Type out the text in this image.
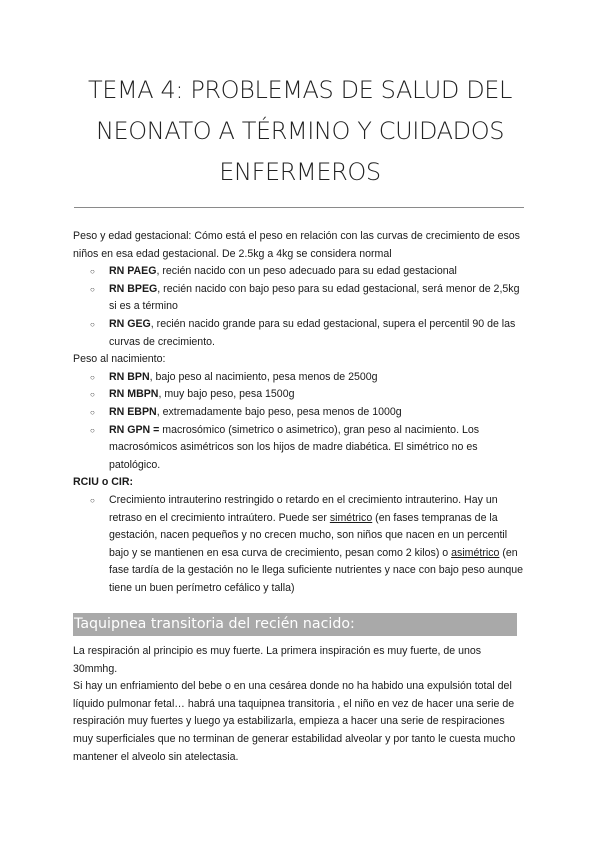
TEMA 4: PROBLEMAS DE SALUD DEL
NEONATO A TÉRMINO Y CUIDADOS
ENFERMEROS

Peso y edad gestacional: Cómo está el peso en relación con las curvas de crecimiento de esos niños en esa edad gestacional. De 2.5kg a 4kg se considera normal

○ RN PAEG, recién nacido con un peso adecuado para su edad gestacional
○ RN BPEG, recién nacido con bajo peso para su edad gestacional, será menor de 2,5kg si es a término
○ RN GEG, recién nacido grande para su edad gestacional, supera el percentil 90 de las curvas de crecimiento.

Peso al nacimiento:

○ RN BPN, bajo peso al nacimiento, pesa menos de 2500g
○ RN MBPN, muy bajo peso, pesa 1500g
○ RN EBPN, extremadamente bajo peso, pesa menos de 1000g
○ RN GPN = macrosómico (simetrico o asimetrico), gran peso al nacimiento. Los macrosómicos asimétricos son los hijos de madre diabética. El simétrico no es patológico.

RCIU o CIR:

○ Crecimiento intrauterino restringido o retardo en el crecimiento intrauterino. Hay un retraso en el crecimiento intraútero. Puede ser simétrico (en fases tempranas de la gestación, nacen pequeños y no crecen mucho, son niños que nacen en un percentil bajo y se mantienen en esa curva de crecimiento, pesan como 2 kilos) o asimétrico (en fase tardía de la gestación no le llega suficiente nutrientes y nace con bajo peso aunque tiene un buen perímetro cefálico y talla)
Taquipnea transitoria del recién nacido:

La respiración al principio es muy fuerte. La primera inspiración es muy fuerte, de unos 30mmhg.

Si hay un enfriamiento del bebe o en una cesárea donde no ha habido una expulsión total del líquido pulmonar fetal… habrá una taquipnea transitoria , el niño en vez de hacer una serie de respiración muy fuertes y luego ya estabilizarla, empieza a hacer una serie de respiraciones muy superficiales que no terminan de generar estabilidad alveolar y por tanto le cuesta mucho mantener el alveolo sin atelectasia.
